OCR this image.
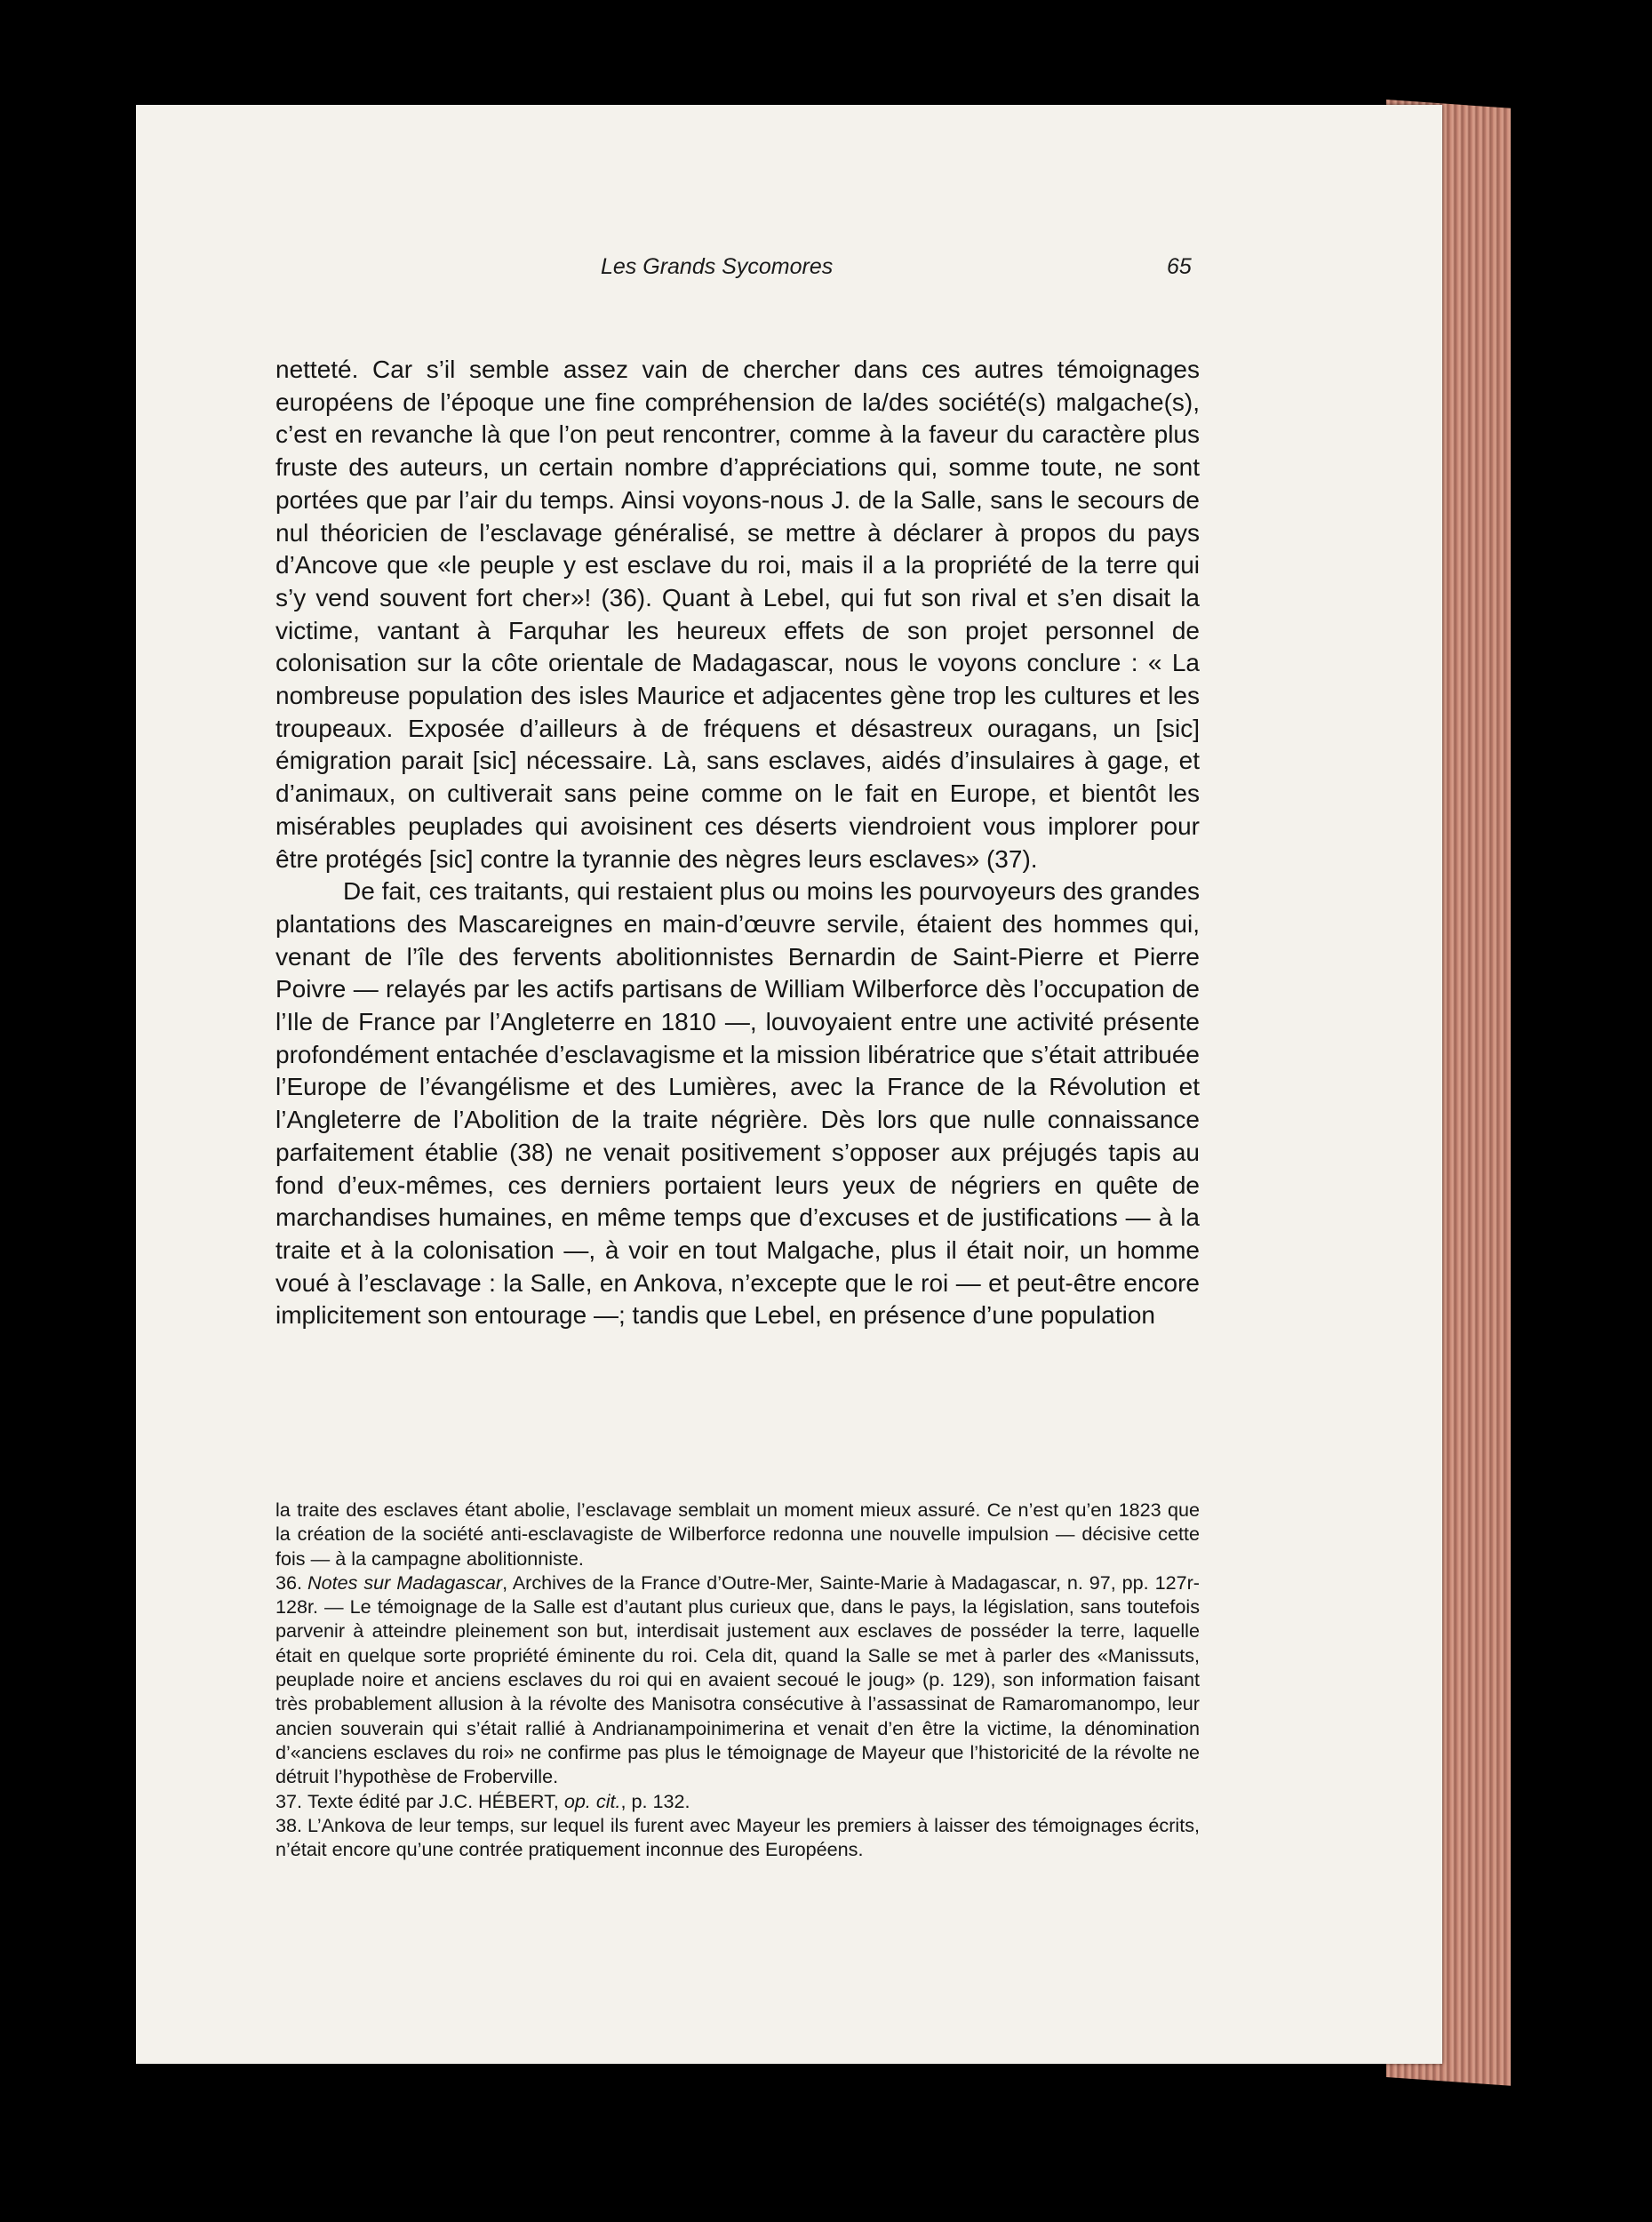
Les Grands Sycomores	65

netteté. Car s’il semble assez vain de chercher dans ces autres témoignages européens de l’époque une fine compréhension de la/des société(s) malgache(s), c’est en revanche là que l’on peut rencontrer, comme à la faveur du caractère plus fruste des auteurs, un certain nombre d’appréciations qui, somme toute, ne sont portées que par l’air du temps. Ainsi voyons-nous J. de la Salle, sans le secours de nul théoricien de l’esclavage généralisé, se mettre à déclarer à propos du pays d’Ancove que «le peuple y est esclave du roi, mais il a la propriété de la terre qui s’y vend souvent fort cher»! (36). Quant à Lebel, qui fut son rival et s’en disait la victime, vantant à Farquhar les heureux effets de son projet personnel de colonisation sur la côte orientale de Madagascar, nous le voyons conclure : « La nombreuse population des isles Maurice et adjacentes gène trop les cultures et les troupeaux. Exposée d’ailleurs à de fréquens et désastreux ouragans, un [sic] émigration parait [sic] nécessaire. Là, sans esclaves, aidés d’insulaires à gage, et d’animaux, on cultiverait sans peine comme on le fait en Europe, et bientôt les misérables peuplades qui avoisinent ces déserts viendroient vous implorer pour être protégés [sic] contre la tyrannie des nègres leurs esclaves» (37).

De fait, ces traitants, qui restaient plus ou moins les pourvoyeurs des grandes plantations des Mascareignes en main-d’œuvre servile, étaient des hommes qui, venant de l’île des fervents abolitionnistes Bernardin de Saint-Pierre et Pierre Poivre — relayés par les actifs partisans de William Wilberforce dès l’occupation de l’Ile de France par l’Angleterre en 1810 —, louvoyaient entre une activité présente profondément entachée d’esclavagisme et la mission libératrice que s’était attribuée l’Europe de l’évangélisme et des Lumières, avec la France de la Révolution et l’Angleterre de l’Abolition de la traite négrière. Dès lors que nulle connaissance parfaitement établie (38) ne venait positivement s’opposer aux préjugés tapis au fond d’eux-mêmes, ces derniers portaient leurs yeux de négriers en quête de marchandises humaines, en même temps que d’excuses et de justifications — à la traite et à la colonisation —, à voir en tout Malgache, plus il était noir, un homme voué à l’esclavage : la Salle, en Ankova, n’excepte que le roi — et peut-être encore implicitement son entourage —; tandis que Lebel, en présence d’une population

la traite des esclaves étant abolie, l’esclavage semblait un moment mieux assuré. Ce n’est qu’en 1823 que la création de la société anti-esclavagiste de Wilberforce redonna une nouvelle impulsion — décisive cette fois — à la campagne abolitionniste.

36. Notes sur Madagascar, Archives de la France d’Outre-Mer, Sainte-Marie à Madagascar, n. 97, pp. 127r-128r. — Le témoignage de la Salle est d’autant plus curieux que, dans le pays, la législation, sans toutefois parvenir à atteindre pleinement son but, interdisait justement aux esclaves de posséder la terre, laquelle était en quelque sorte propriété éminente du roi. Cela dit, quand la Salle se met à parler des «Manissuts, peuplade noire et anciens esclaves du roi qui en avaient secoué le joug» (p. 129), son information faisant très probablement allusion à la révolte des Manisotra consécutive à l’assassinat de Ramaromanompo, leur ancien souverain qui s’était rallié à Andrianampoinimerina et venait d’en être la victime, la dénomination d’«anciens esclaves du roi» ne confirme pas plus le témoignage de Mayeur que l’historicité de la révolte ne détruit l’hypothèse de Froberville.

37. Texte édité par J.C. HÉBERT, op. cit., p. 132.

38. L’Ankova de leur temps, sur lequel ils furent avec Mayeur les premiers à laisser des témoignages écrits, n’était encore qu’une contrée pratiquement inconnue des Européens.
